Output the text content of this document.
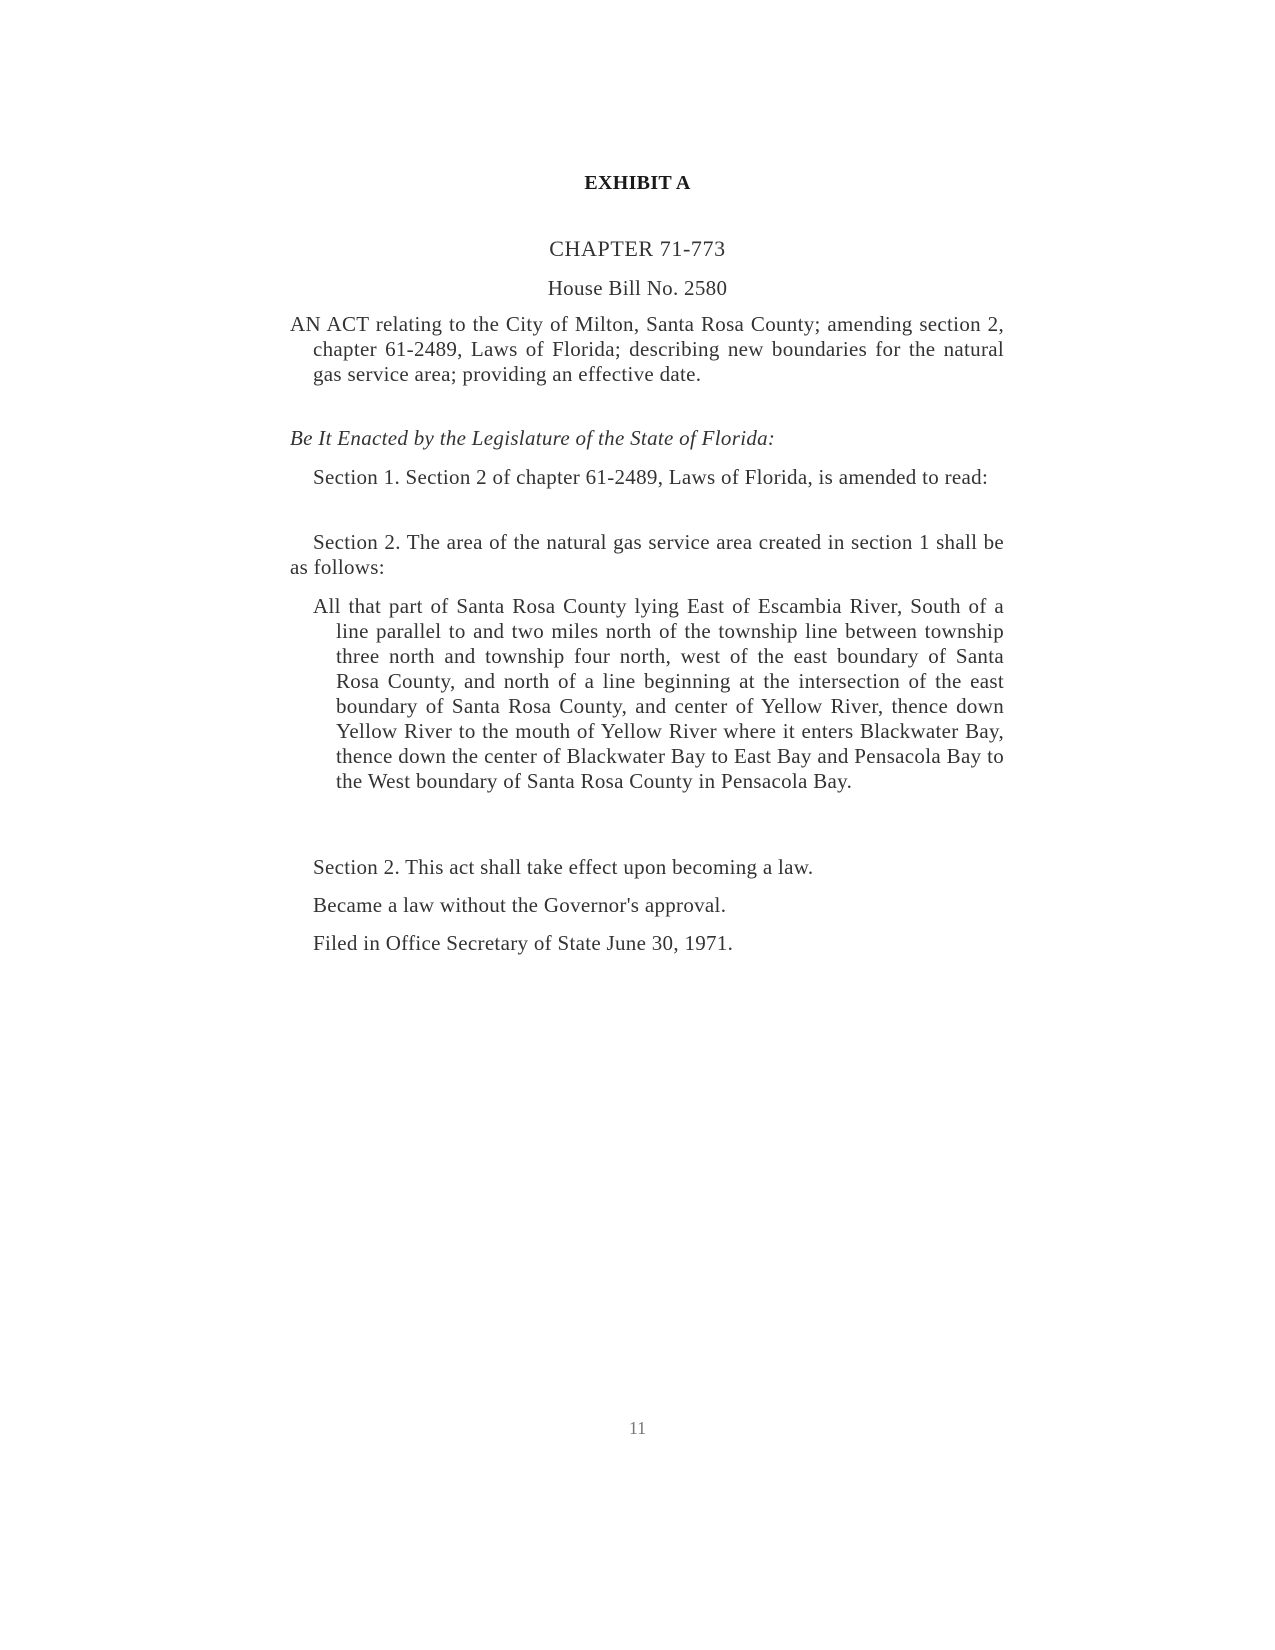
EXHIBIT A
CHAPTER 71-773
House Bill No. 2580
AN ACT relating to the City of Milton, Santa Rosa County; amending section 2, chapter 61-2489, Laws of Florida; describing new boundaries for the natural gas service area; providing an effective date.
Be It Enacted by the Legislature of the State of Florida:
Section 1. Section 2 of chapter 61-2489, Laws of Florida, is amended to read:
Section 2. The area of the natural gas service area created in section 1 shall be as follows:
All that part of Santa Rosa County lying East of Escambia River, South of a line parallel to and two miles north of the township line between township three north and township four north, west of the east boundary of Santa Rosa County, and north of a line beginning at the intersection of the east boundary of Santa Rosa County, and center of Yellow River, thence down Yellow River to the mouth of Yellow River where it enters Blackwater Bay, thence down the center of Blackwater Bay to East Bay and Pensacola Bay to the West boundary of Santa Rosa County in Pensacola Bay.
Section 2. This act shall take effect upon becoming a law.
Became a law without the Governor's approval.
Filed in Office Secretary of State June 30, 1971.
11
